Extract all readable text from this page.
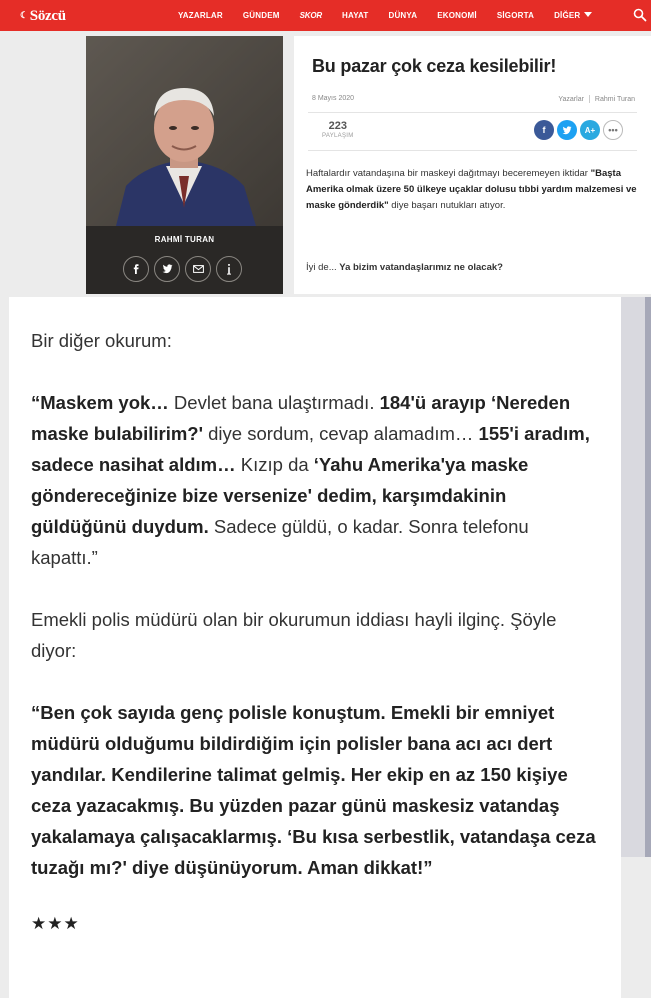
☾ Sözcü	YAZARLAR	GÜNDEM	SKOR	HAYAT	DÜNYA	EKONOMİ	SİGORTA	DİĞER
RAHMİ TURAN
Bu pazar çok ceza kesilebilir!
8 Mayıs 2020	Yazarlar Rahmi Turan
223
PAYLAŞIM
f	A+ •••

Haftalardır vatandaşına bir maskeyi dağıtmayı beceremeyen iktidar "Başta Amerika olmak üzere 50 ülkeye uçaklar dolusu tıbbi yardım malzemesi ve maske gönderdik" diye başarı nutukları atıyor.

İyi de... Ya bizim vatandaşlarımız ne olacak?

Bir diğer okurum:

“Maskem yok… Devlet bana ulaştırmadı. 184'ü arayıp ‘Nereden maske bulabilirim?' diye sordum, cevap alamadım… 155'i aradım, sadece nasihat aldım… Kızıp da ‘Yahu Amerika'ya maske göndereceğinize bize versenize' dedim, karşımdakinin güldüğünü duydum. Sadece güldü, o kadar. Sonra telefonu kapattı.”

Emekli polis müdürü olan bir okurumun iddiası hayli ilginç. Şöyle diyor:

“Ben çok sayıda genç polisle konuştum. Emekli bir emniyet müdürü olduğumu bildirdiğim için polisler bana acı acı dert yandılar. Kendilerine talimat gelmiş. Her ekip en az 150 kişiye ceza yazacakmış. Bu yüzden pazar günü maskesiz vatandaş yakalamaya çalışacaklarmış. ‘Bu kısa serbestlik, vatandaşa ceza tuzağı mı?' diye düşünüyorum. Aman dikkat!”

★★★
